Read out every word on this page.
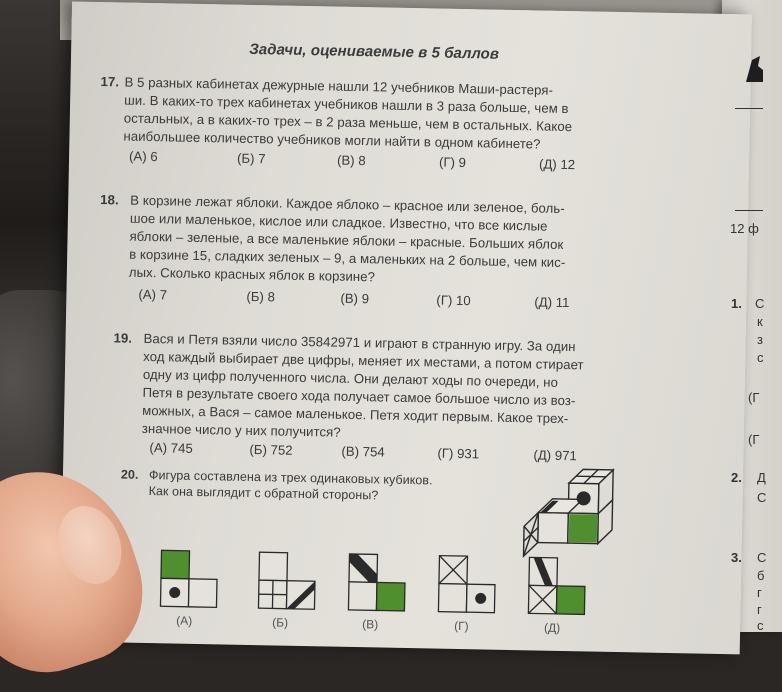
Задачи, оцениваемые в 5 баллов
17. В 5 разных кабинетах дежурные нашли 12 учебников Маши-растеря-
ши. В каких-то трех кабинетах учебников нашли в 3 раза больше, чем в
остальных, а в каких-то трех – в 2 раза меньше, чем в остальных. Какое
наибольшее количество учебников могли найти в одном кабинете?
(А) 6	(Б) 7	(В) 8	(Г) 9	(Д) 12
18. В корзине лежат яблоки. Каждое яблоко – красное или зеленое, боль-
шое или маленькое, кислое или сладкое. Известно, что все кислые
яблоки – зеленые, а все маленькие яблоки – красные. Больших яблок
в корзине 15, сладких зеленых – 9, а маленьких на 2 больше, чем кис-
лых. Сколько красных яблок в корзине?
(А) 7	(Б) 8	(В) 9	(Г) 10	(Д) 11
19. Вася и Петя взяли число 35842971 и играют в странную игру. За один
ход каждый выбирает две цифры, меняет их местами, а потом стирает
одну из цифр полученного числа. Они делают ходы по очереди, но
Петя в результате своего хода получает самое большое число из воз-
можных, а Вася – самое маленькое. Петя ходит первым. Какое трех-
значное число у них получится?
(А) 745	(Б) 752	(В) 754	(Г) 931	(Д) 971
20. Фигура составлена из трех одинаковых кубиков.
Как она выглядит с обратной стороны?
(А)	(Б)	(В)	(Г)	(Д)
12 ф
1. С
к
з
с
(Г
(Г
2. Д
С
3. С
б
г
г
с
